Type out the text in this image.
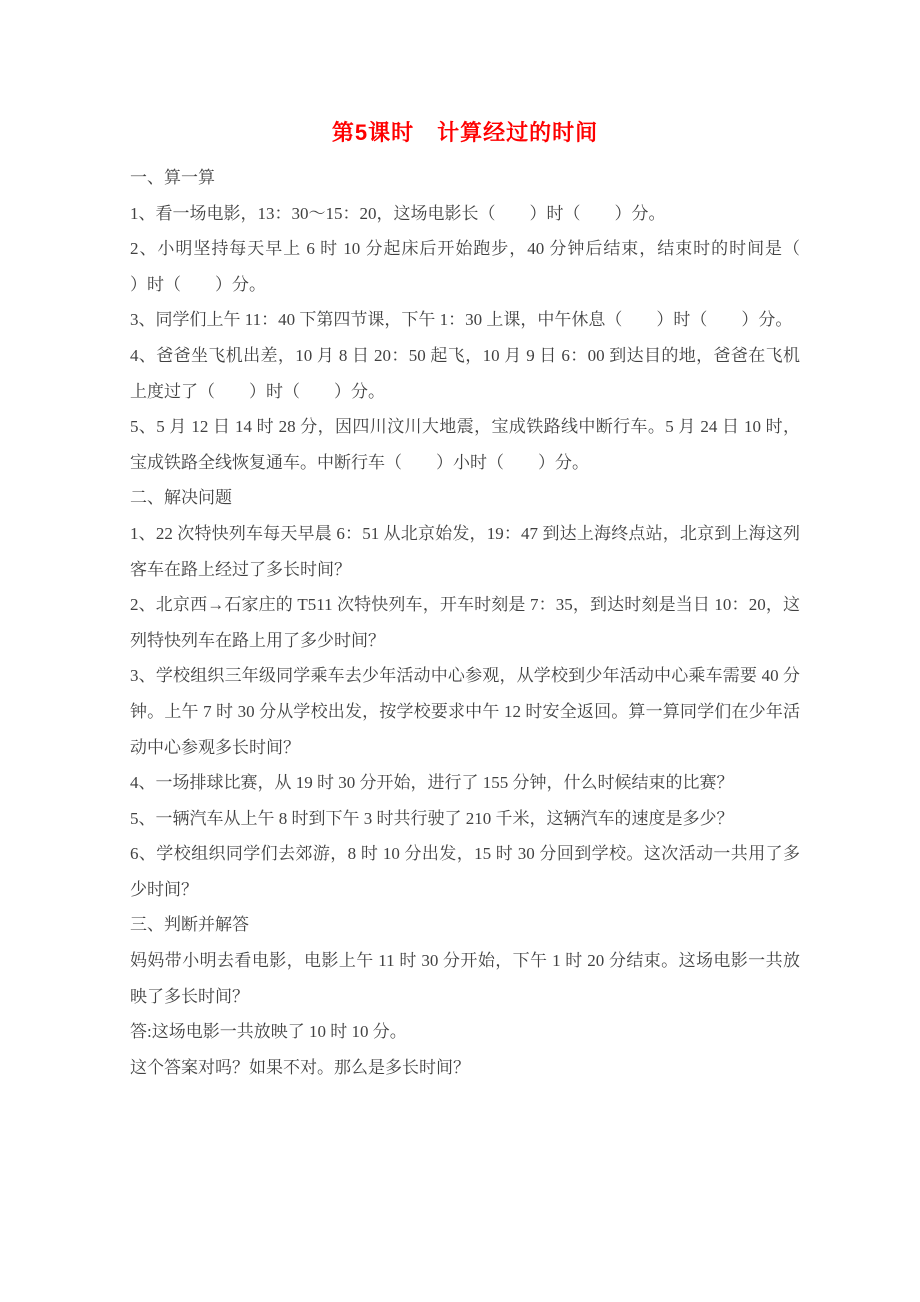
第5课时　计算经过的时间

一、算一算

1、看一场电影，13：30～15：20，这场电影长（　　）时（　　）分。

2、小明坚持每天早上 6 时 10 分起床后开始跑步，40 分钟后结束，结束时的时间是（　　）时（　　）分。

3、同学们上午 11：40 下第四节课，下午 1：30 上课，中午休息（　　）时（　　）分。

4、爸爸坐飞机出差，10 月 8 日 20：50 起飞，10 月 9 日 6：00 到达目的地，爸爸在飞机上度过了（　　）时（　　）分。

5、5 月 12 日 14 时 28 分，因四川汶川大地震，宝成铁路线中断行车。5 月 24 日 10 时，宝成铁路全线恢复通车。中断行车（　　）小时（　　）分。

二、解决问题

1、22 次特快列车每天早晨 6：51 从北京始发，19：47 到达上海终点站，北京到上海这列客车在路上经过了多长时间？

2、北京西→石家庄的 T511 次特快列车，开车时刻是 7：35，到达时刻是当日 10：20，这列特快列车在路上用了多少时间？

3、学校组织三年级同学乘车去少年活动中心参观，从学校到少年活动中心乘车需要 40 分钟。上午 7 时 30 分从学校出发，按学校要求中午 12 时安全返回。算一算同学们在少年活动中心参观多长时间？

4、一场排球比赛，从 19 时 30 分开始，进行了 155 分钟，什么时候结束的比赛？

5、一辆汽车从上午 8 时到下午 3 时共行驶了 210 千米，这辆汽车的速度是多少？

6、学校组织同学们去郊游，8 时 10 分出发，15 时 30 分回到学校。这次活动一共用了多少时间？

三、判断并解答

妈妈带小明去看电影，电影上午 11 时 30 分开始，下午 1 时 20 分结束。这场电影一共放映了多长时间？

答:这场电影一共放映了 10 时 10 分。

这个答案对吗？如果不对。那么是多长时间？
